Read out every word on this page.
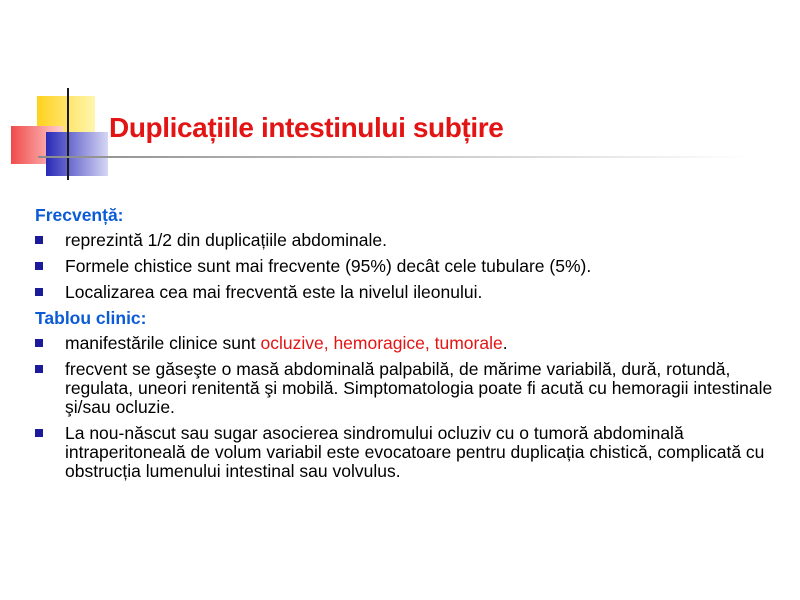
Duplicațiile intestinului subțire
Frecvență:
reprezintă 1/2 din duplicațiile abdominale.
Formele chistice sunt mai frecvente (95%) decât cele tubulare (5%).
Localizarea cea mai frecventă este la nivelul ileonului.
Tablou clinic:
manifestările clinice sunt ocluzive, hemoragice, tumorale.
frecvent se găseşte o masă abdominală palpabilă, de mărime variabilă, dură, rotundă, regulata, uneori renitentă şi mobilă. Simptomatologia poate fi acută cu hemoragii intestinale şi/sau ocluzie.
La nou-născut sau sugar asocierea sindromului ocluziv cu o tumoră abdominală intraperitoneală de volum variabil este evocatoare pentru duplicația chistică, complicată cu obstrucția lumenului intestinal sau volvulus.
